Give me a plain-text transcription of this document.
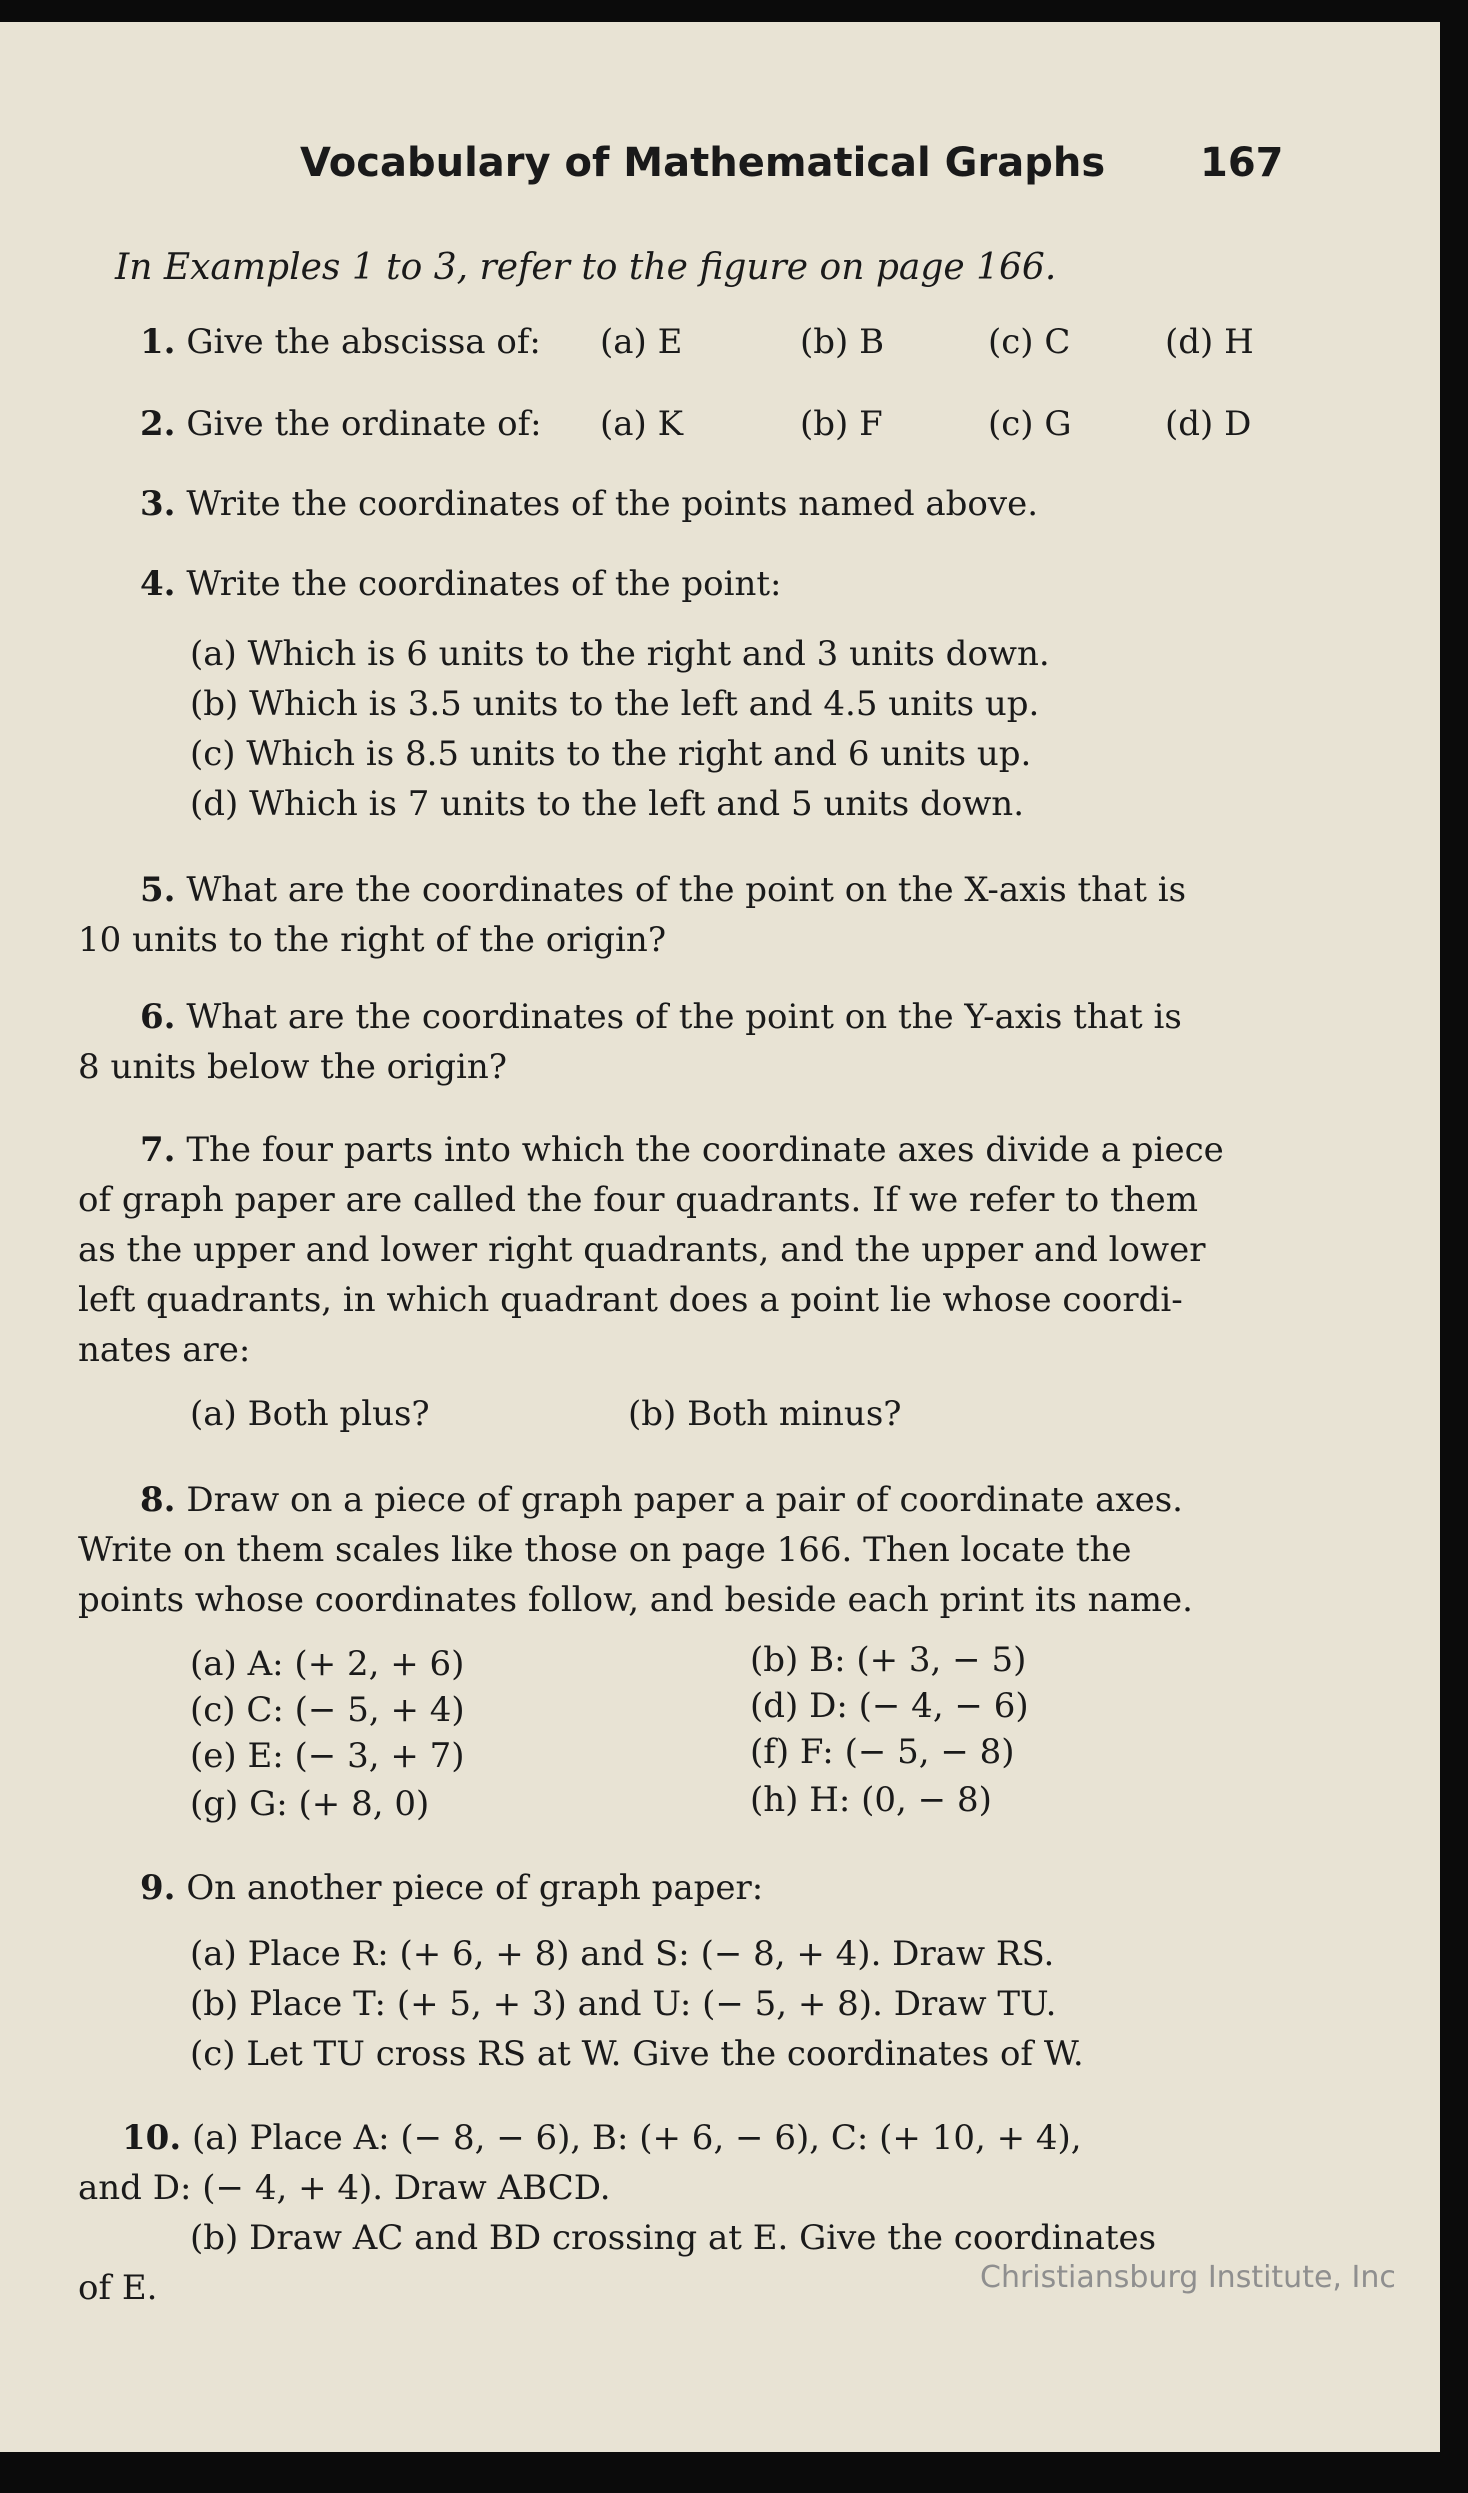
Vocabulary of Mathematical Graphs 167
In Examples 1 to 3, refer to the figure on page 166.
1. Give the abscissa of: (a) E	(b) B	(c) C	(d) H
2. Give the ordinate of: (a) K	(b) F	(c) G	(d) D
3. Write the coordinates of the points named above.
4. Write the coordinates of the point:
(a) Which is 6 units to the right and 3 units down.
(b) Which is 3.5 units to the left and 4.5 units up.
(c) Which is 8.5 units to the right and 6 units up.
(d) Which is 7 units to the left and 5 units down.
5. What are the coordinates of the point on the X-axis that is
10 units to the right of the origin?
6. What are the coordinates of the point on the Y-axis that is
8 units below the origin?
7. The four parts into which the coordinate axes divide a piece
of graph paper are called the four quadrants. If we refer to them
as the upper and lower right quadrants, and the upper and lower
left quadrants, in which quadrant does a point lie whose coordi-
nates are:
(a) Both plus?	(b) Both minus?
8. Draw on a piece of graph paper a pair of coordinate axes.
Write on them scales like those on page 166. Then locate the
points whose coordinates follow, and beside each print its name.
(a) A: (+ 2, + 6)	(b) B: (+ 3, − 5)
(c) C: (− 5, + 4)	(d) D: (− 4, − 6)
(e) E: (− 3, + 7)	(f) F: (− 5, − 8)
(g) G: (+ 8, 0)	(h) H: (0, − 8)
9. On another piece of graph paper:
(a) Place R: (+ 6, + 8) and S: (− 8, + 4). Draw RS.
(b) Place T: (+ 5, + 3) and U: (− 5, + 8). Draw TU.
(c) Let TU cross RS at W. Give the coordinates of W.
10. (a) Place A: (− 8, − 6), B: (+ 6, − 6), C: (+ 10, + 4),
and D: (− 4, + 4). Draw ABCD.
(b) Draw AC and BD crossing at E. Give the coordinates
of E.	Christiansburg Institute, Inc
